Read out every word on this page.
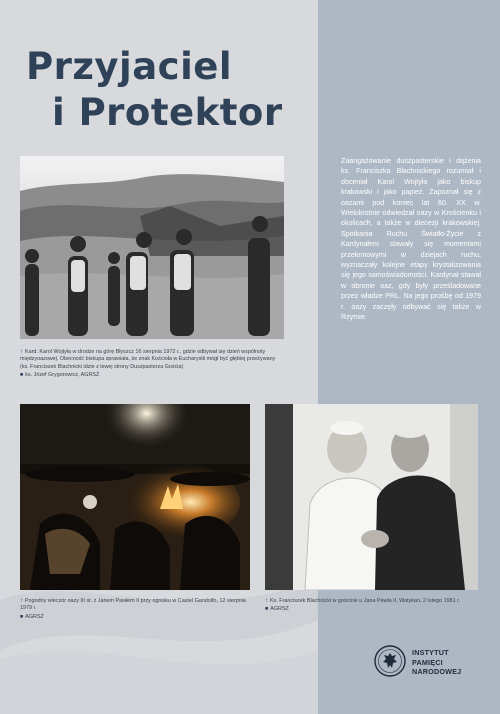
Przyjaciel
i Protektor
Zaangażowanie duszpasterskie i dążenia ks. Franciszka Blachnickiego rozumiał i doceniał Karol Wojtyła jako biskup krakowski i jako papież. Zapoznał się z oazami pod koniec lat 60. XX w. Wielokrotnie odwiedzał oazy w Krościenku i okolicach, a także w diecezji krakowskiej. Spotkania Ruchu Światło-Życie z Kardynałem stawały się momentami przełomowymi w dziejach ruchu, wyznaczały kolejne etapy krystalizowania się jego samoświadomości. Kardynał stawał w obronie oaz, gdy były prześladowane przez władze PRL. Na jego prośbę od 1979 r. oazy zaczęły odbywać się także w Rzymie.
↑ Kard. Karol Wojtyła w drodze na górę Błyszcz 16 sierpnia 1972 r., gdzie odbywał się dzień wspólnoty międzyoazowej. Obecność biskupa sprawiała, że znak Kościoła w Eucharystii mógł być głębiej przeżywany (ks. Franciszek Blachnicki idzie z lewej strony Duszpasterza Gościa)
■ ks. Józef Grygorowicz, AGRSŻ
↑ Pogodny wieczór oazy III st. z Janem Pawłem II przy ognisku w Castel Gandolfo, 12 sierpnia 1979 r.
■ AGRSŻ
↑ Ks. Franciszek Blachnicki w gościnie u Jana Pawła II, Watykan, 2 lutego 1981 r.
■ AGRSŻ
INSTYTUT
PAMIĘCI
NARODOWEJ
